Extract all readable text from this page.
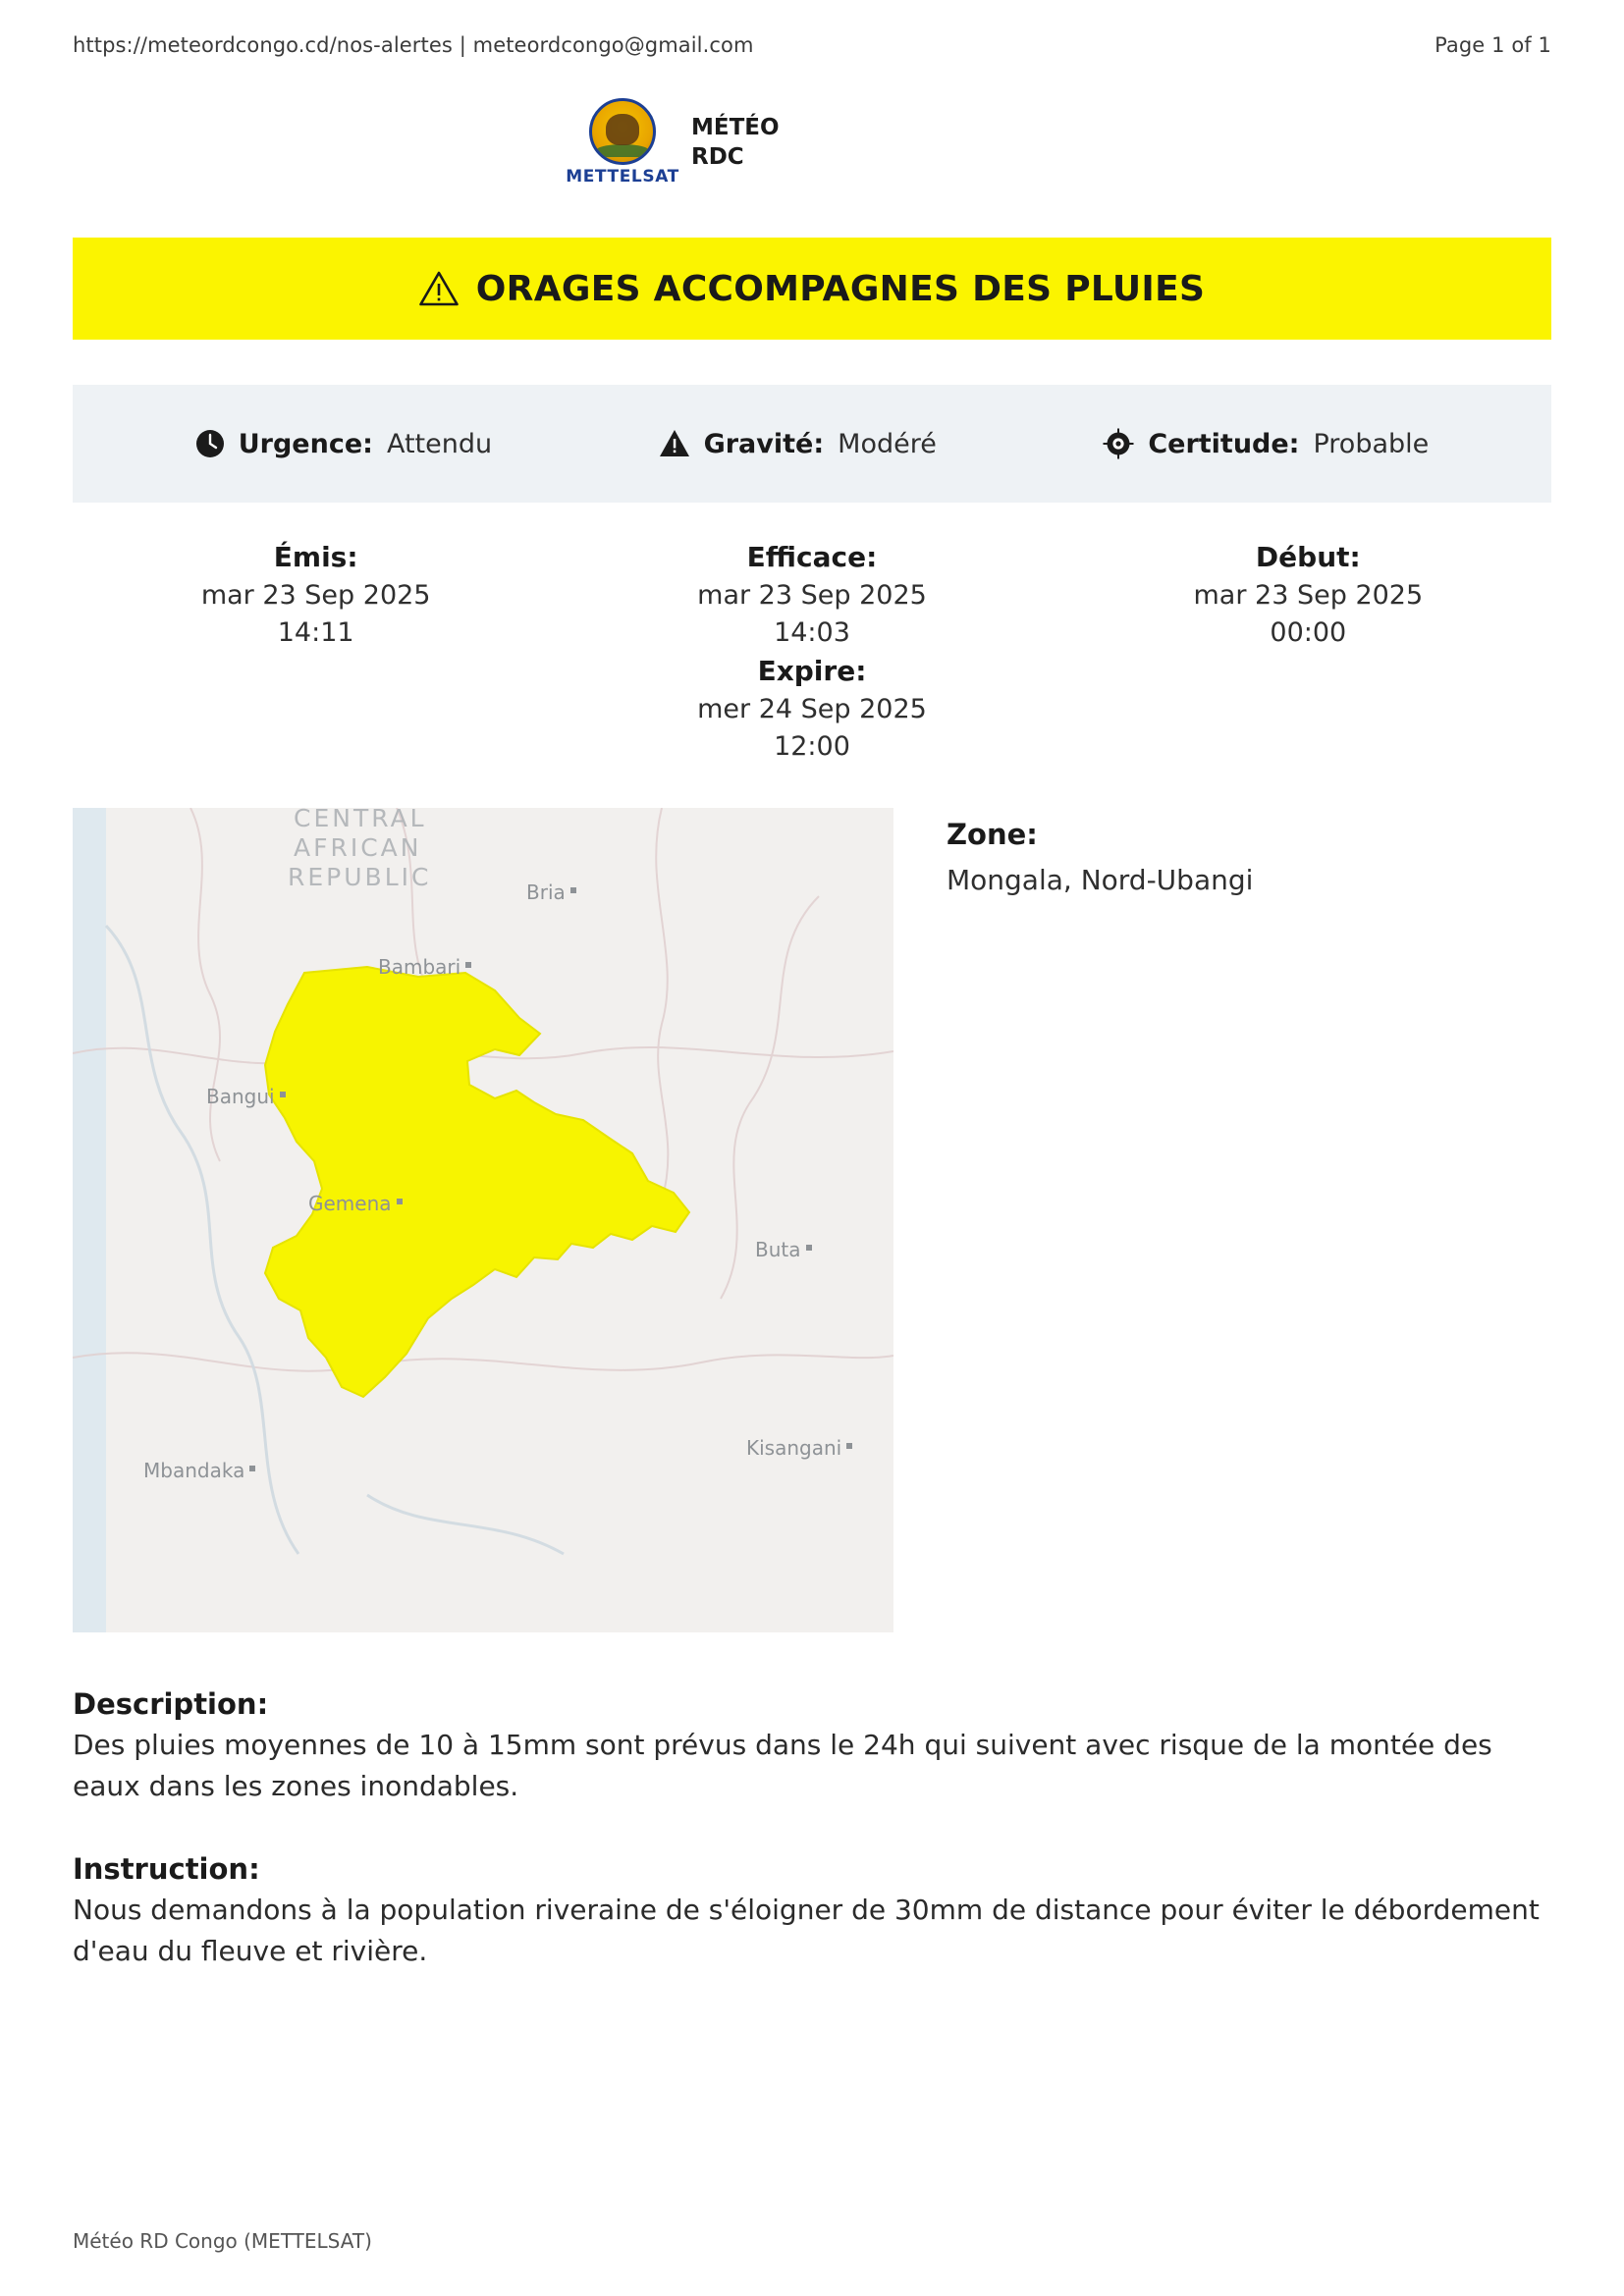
https://meteordcongo.cd/nos-alertes | meteordcongo@gmail.com	Page 1 of 1
METTELSAT
MÉTÉO
RDC
ORAGES ACCOMPAGNES DES PLUIES
Urgence: Attendu	Gravité: Modéré	Certitude: Probable
Émis:
mar 23 Sep 2025
14:11
Efficace:
mar 23 Sep 2025
14:03
Expire:
mer 24 Sep 2025
12:00
Début:
mar 23 Sep 2025
00:00
CENTRAL
AFRICAN
REPUBLIC
Bria
Bambari
Bangui
Gemena
Buta
Kisangani
Mbandaka
Zone:
Mongala, Nord-Ubangi
Description:
Des pluies moyennes de 10 à 15mm sont prévus dans le 24h qui suivent avec risque de la montée des eaux dans les zones inondables.
Instruction:
Nous demandons à la population riveraine de s'éloigner de 30mm de distance pour éviter le débordement d'eau du fleuve et rivière.
Météo RD Congo (METTELSAT)
